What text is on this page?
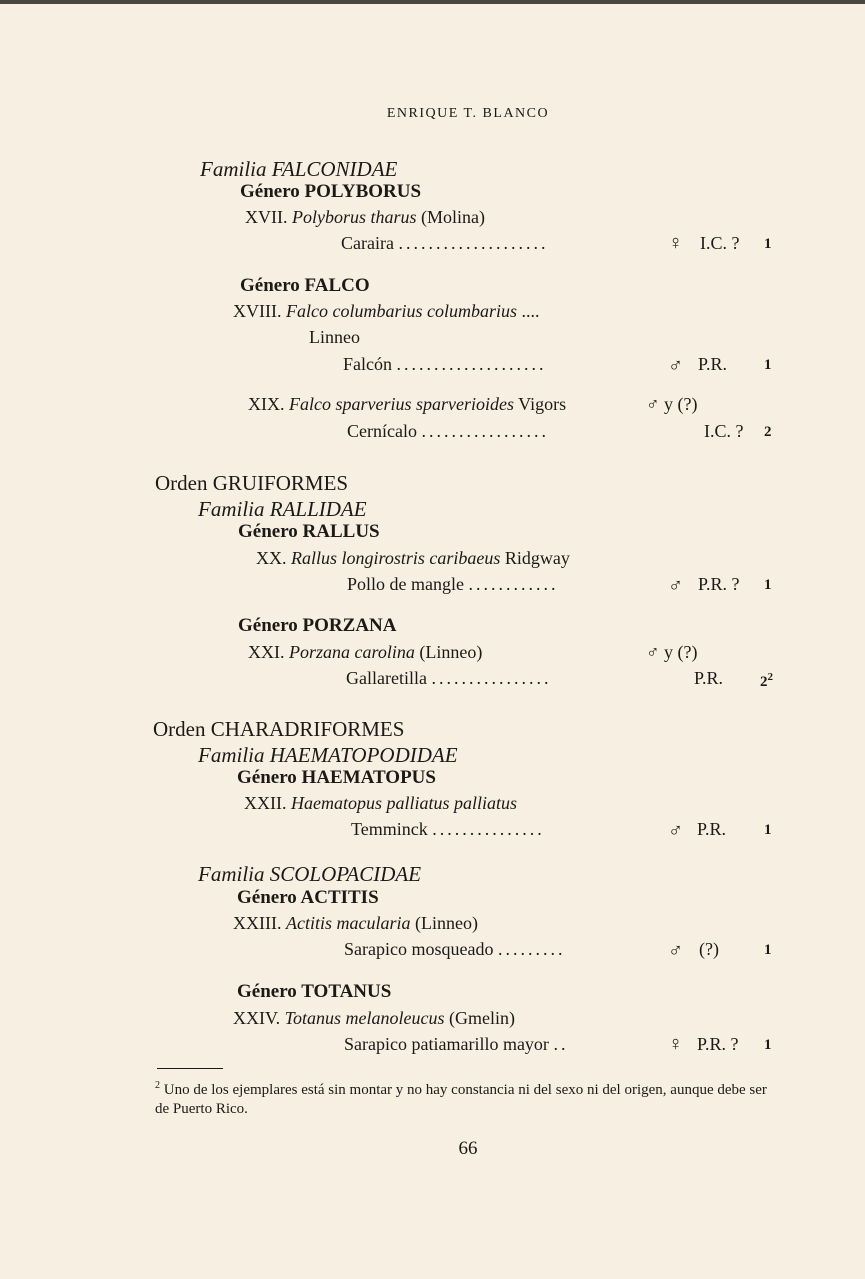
ENRIQUE T. BLANCO
Familia FALCONIDAE
Género POLYBORUS
XVII. Polyborus tharus (Molina)
Caraira ....................	♀ I.C. ? 1
Género FALCO
XVIII. Falco columbarius columbarius ....
Linneo
Falcón ....................	♂ P.R. 1
XIX. Falco sparverius sparverioides Vigors	♂ y (?)
Cernícalo .................	I.C. ? 2
Orden GRUIFORMES
Familia RALLIDAE
Género RALLUS
XX. Rallus longirostris caribaeus Ridgway
Pollo de mangle ............	♂ P.R. ? 1
Género PORZANA
XXI. Porzana carolina (Linneo)	♂ y (?)
Gallaretilla ................	P.R. $2^2$
Orden CHARADRIFORMES
Familia HAEMATOPODIDAE
Género HAEMATOPUS
XXII. Haematopus palliatus palliatus
Temminck ...............	♂ P.R.	1
Familia SCOLOPACIDAE
Género ACTITIS
XXIII. Actitis macularia (Linneo)
Sarapico mosqueado .........	♂ (?)	1
Género TOTANUS
XXIV. Totanus melanoleucus (Gmelin)
Sarapico patiamarillo mayor ..	♀ P.R. ? 1
$^2$ Uno de los ejemplares está sin montar y no hay constancia ni del sexo ni del origen, aunque debe ser de Puerto Rico.
66
